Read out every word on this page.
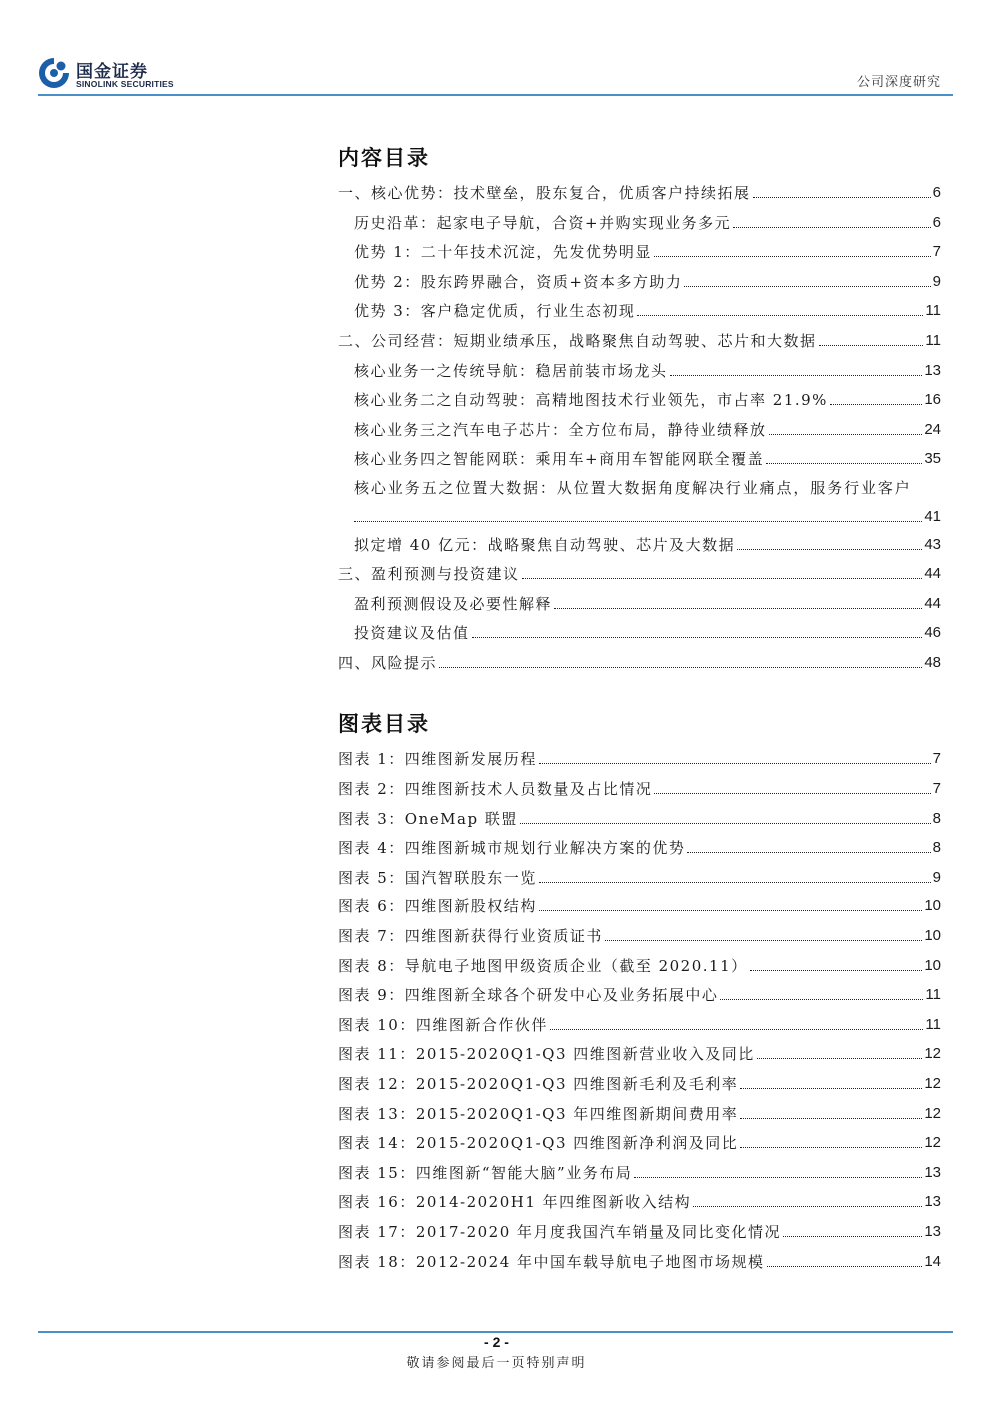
国金证券
SINOLINK SECURITIES	公司深度研究
内容目录
一、核心优势：技术壁垒，股东复合，优质客户持续拓展	6
历史沿革：起家电子导航，合资+并购实现业务多元	6
优势 1：二十年技术沉淀，先发优势明显	7
优势 2：股东跨界融合，资质+资本多方助力	9
优势 3：客户稳定优质，行业生态初现	11
二、公司经营：短期业绩承压，战略聚焦自动驾驶、芯片和大数据	11
核心业务一之传统导航：稳居前装市场龙头	13
核心业务二之自动驾驶：高精地图技术行业领先，市占率 21.9%	16
核心业务三之汽车电子芯片：全方位布局，静待业绩释放	24
核心业务四之智能网联：乘用车+商用车智能网联全覆盖	35
核心业务五之位置大数据：从位置大数据角度解决行业痛点，服务行业客户
41
拟定增 40 亿元：战略聚焦自动驾驶、芯片及大数据	43
三、盈利预测与投资建议	44
盈利预测假设及必要性解释	44
投资建议及估值	46
四、风险提示	48
图表目录
图表 1：四维图新发展历程	7
图表 2：四维图新技术人员数量及占比情况	7
图表 3：OneMap 联盟	8
图表 4：四维图新城市规划行业解决方案的优势	8
图表 5：国汽智联股东一览	9
图表 6：四维图新股权结构	10
图表 7：四维图新获得行业资质证书	10
图表 8：导航电子地图甲级资质企业（截至 2020.11）	10
图表 9：四维图新全球各个研发中心及业务拓展中心	11
图表 10：四维图新合作伙伴	11
图表 11：2015-2020Q1-Q3 四维图新营业收入及同比	12
图表 12：2015-2020Q1-Q3 四维图新毛利及毛利率	12
图表 13：2015-2020Q1-Q3 年四维图新期间费用率	12
图表 14：2015-2020Q1-Q3 四维图新净利润及同比	12
图表 15：四维图新“智能大脑”业务布局	13
图表 16：2014-2020H1 年四维图新收入结构	13
图表 17：2017-2020 年月度我国汽车销量及同比变化情况	13
图表 18：2012-2024 年中国车载导航电子地图市场规模	14
- 2 -
敬请参阅最后一页特别声明
